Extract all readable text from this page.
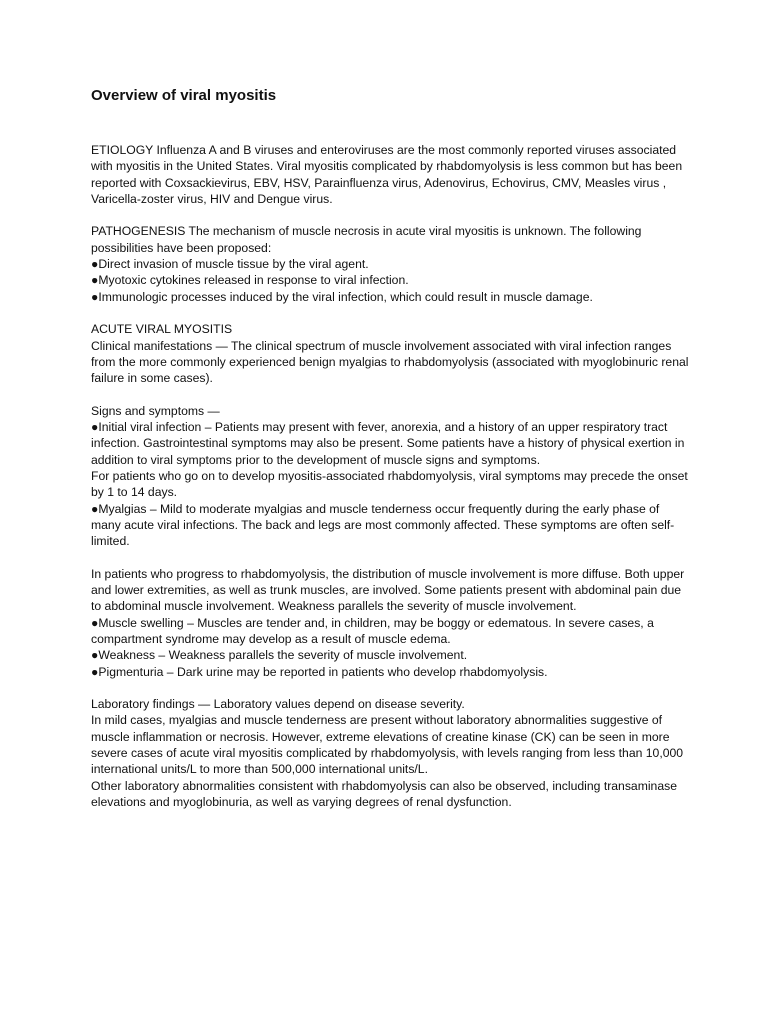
Overview of viral myositis

ETIOLOGY Influenza A and B viruses and enteroviruses are the most commonly reported viruses associated with myositis in the United States. Viral myositis complicated by rhabdomyolysis is less common but has been reported with Coxsackievirus, EBV, HSV, Parainfluenza virus, Adenovirus, Echovirus, CMV, Measles virus , Varicella-zoster virus, HIV and Dengue virus.

PATHOGENESIS The mechanism of muscle necrosis in acute viral myositis is unknown. The following possibilities have been proposed:

●Direct invasion of muscle tissue by the viral agent.

●Myotoxic cytokines released in response to viral infection.

●Immunologic processes induced by the viral infection, which could result in muscle damage.

ACUTE VIRAL MYOSITIS

Clinical manifestations — The clinical spectrum of muscle involvement associated with viral infection ranges from the more commonly experienced benign myalgias to rhabdomyolysis (associated with myoglobinuric renal failure in some cases).

Signs and symptoms —

●Initial viral infection – Patients may present with fever, anorexia, and a history of an upper respiratory tract infection. Gastrointestinal symptoms may also be present. Some patients have a history of physical exertion in addition to viral symptoms prior to the development of muscle signs and symptoms.

For patients who go on to develop myositis-associated rhabdomyolysis, viral symptoms may precede the onset by 1 to 14 days.

●Myalgias – Mild to moderate myalgias and muscle tenderness occur frequently during the early phase of many acute viral infections. The back and legs are most commonly affected. These symptoms are often self-limited.

In patients who progress to rhabdomyolysis, the distribution of muscle involvement is more diffuse. Both upper and lower extremities, as well as trunk muscles, are involved. Some patients present with abdominal pain due to abdominal muscle involvement. Weakness parallels the severity of muscle involvement.

●Muscle swelling – Muscles are tender and, in children, may be boggy or edematous. In severe cases, a compartment syndrome may develop as a result of muscle edema.

●Weakness – Weakness parallels the severity of muscle involvement.

●Pigmenturia – Dark urine may be reported in patients who develop rhabdomyolysis.

Laboratory findings — Laboratory values depend on disease severity.

In mild cases, myalgias and muscle tenderness are present without laboratory abnormalities suggestive of muscle inflammation or necrosis. However, extreme elevations of creatine kinase (CK) can be seen in more severe cases of acute viral myositis complicated by rhabdomyolysis, with levels ranging from less than 10,000 international units/L to more than 500,000 international units/L.

Other laboratory abnormalities consistent with rhabdomyolysis can also be observed, including transaminase elevations and myoglobinuria, as well as varying degrees of renal dysfunction.
